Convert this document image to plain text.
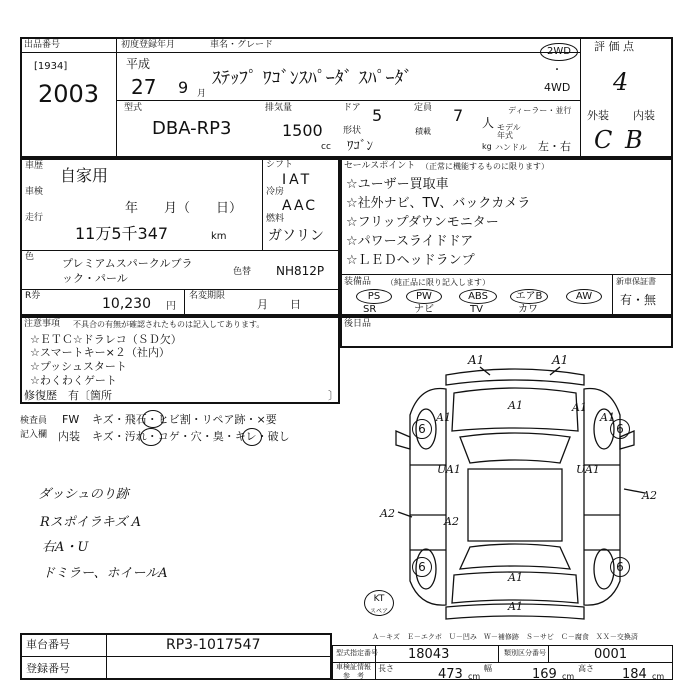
出品番号
[1934]
2003
初度登録年月	車名・グレード
平成
27 9 月
ｽﾃｯﾌﾟ ﾜｺﾞﾝｽﾊﾟｰﾀﾞ ｽﾊﾟｰﾀﾞ
2WD
・
4WD
評 価 点
4
外装 内装
C B
型式
DBA-RP3
排気量
1500
cc
ドア 5	定員 7 人
形状
ﾜｺﾞﾝ
積載
kg
ディーラー・並行
モデル年式
ハンドル 左・右
車歴 自家用
車検
年　　月（　　日）
走行
11万5千347	km
シフト
IAT
冷房
AAC
燃料
ガソリン
色	プレミアムスパークルブラ
ック・パール	色替 NH812P
R券	10,230 円
名変期限
月　　日
セールスポイント （正常に機能するものに限ります）
☆ユーザー買取車
☆社外ナビ、TV、バックカメラ
☆フリップダウンモニター
☆パワースライドドア
☆ＬＥＤヘッドランプ
装備品 （純正品に限り記入します）
PS	PW	ABS	エアB	AW
SR	ナビ	TV	カワ
新車保証書
有・無
注意事項 不具合の有無が確認されたものは記入してあります。
☆ＥＴＣ☆ドラレコ（ＳＤ欠）
☆スマートキー×２（社内）
☆プッシュスタート
☆わくわくゲート
修復歴 有〔箇所	〕
後日品
検査員
記入欄
FW キズ・飛石・ヒビ割・リペア跡・×要
内装 キズ・汚れ・コゲ・穴・臭・キレ・破し
ダッシュのり跡
Rスポイラキズ A
右A・U
ドミラー、ホイールA
A1	A1
A1	A1
A1	A1
6	6
6	6
UA1	UA1
A2
A2
A2
A1
A1
KT
スペア
Ａ－キズ　Ｅ－エクボ　Ｕ－凹み　Ｗ－補修跡　Ｓ－サビ　Ｃ－腐食　ＸＸ－交換済
車台番号	RP3-1017547
登録番号
型式指定番号 18043	類別区分番号	0001
車検証情報
参　考
長さ	473 cm
幅	169 cm
高さ 184 cm
